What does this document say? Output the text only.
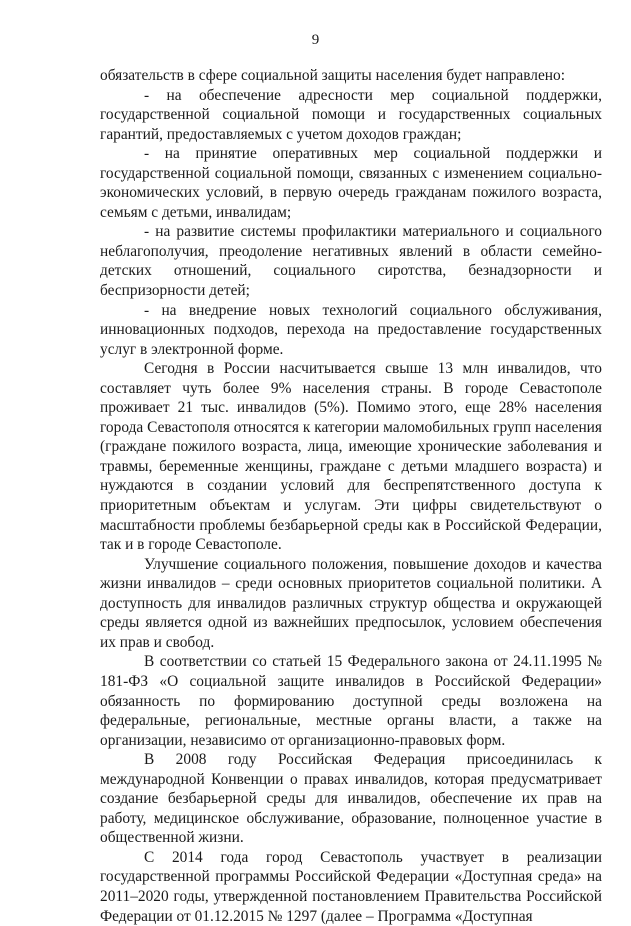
9

обязательств в сфере социальной защиты населения будет направлено:

- на обеспечение адресности мер социальной поддержки, государственной социальной помощи и государственных социальных гарантий, предоставляемых с учетом доходов граждан;

- на принятие оперативных мер социальной поддержки и государственной социальной помощи, связанных с изменением социально-экономических условий, в первую очередь гражданам пожилого возраста, семьям с детьми, инвалидам;

- на развитие системы профилактики материального и социального неблагополучия, преодоление негативных явлений в области семейно-детских отношений, социального сиротства, безнадзорности и беспризорности детей;

- на внедрение новых технологий социального обслуживания, инновационных подходов, перехода на предоставление государственных услуг в электронной форме.

Сегодня в России насчитывается свыше 13 млн инвалидов, что составляет чуть более 9% населения страны. В городе Севастополе проживает 21 тыс. инвалидов (5%). Помимо этого, еще 28% населения города Севастополя относятся к категории маломобильных групп населения (граждане пожилого возраста, лица, имеющие хронические заболевания и травмы, беременные женщины, граждане с детьми младшего возраста) и нуждаются в создании условий для беспрепятственного доступа к приоритетным объектам и услугам. Эти цифры свидетельствуют о масштабности проблемы безбарьерной среды как в Российской Федерации, так и в городе Севастополе.

Улучшение социального положения, повышение доходов и качества жизни инвалидов – среди основных приоритетов социальной политики. А доступность для инвалидов различных структур общества и окружающей среды является одной из важнейших предпосылок, условием обеспечения их прав и свобод.

В соответствии со статьей 15 Федерального закона от 24.11.1995 № 181-ФЗ «О социальной защите инвалидов в Российской Федерации» обязанность по формированию доступной среды возложена на федеральные, региональные, местные органы власти, а также на организации, независимо от организационно-правовых форм.

В 2008 году Российская Федерация присоединилась к международной Конвенции о правах инвалидов, которая предусматривает создание безбарьерной среды для инвалидов, обеспечение их прав на работу, медицинское обслуживание, образование, полноценное участие в общественной жизни.

С 2014 года город Севастополь участвует в реализации государственной программы Российской Федерации «Доступная среда» на 2011–2020 годы, утвержденной постановлением Правительства Российской Федерации от 01.12.2015 № 1297 (далее – Программа «Доступная
